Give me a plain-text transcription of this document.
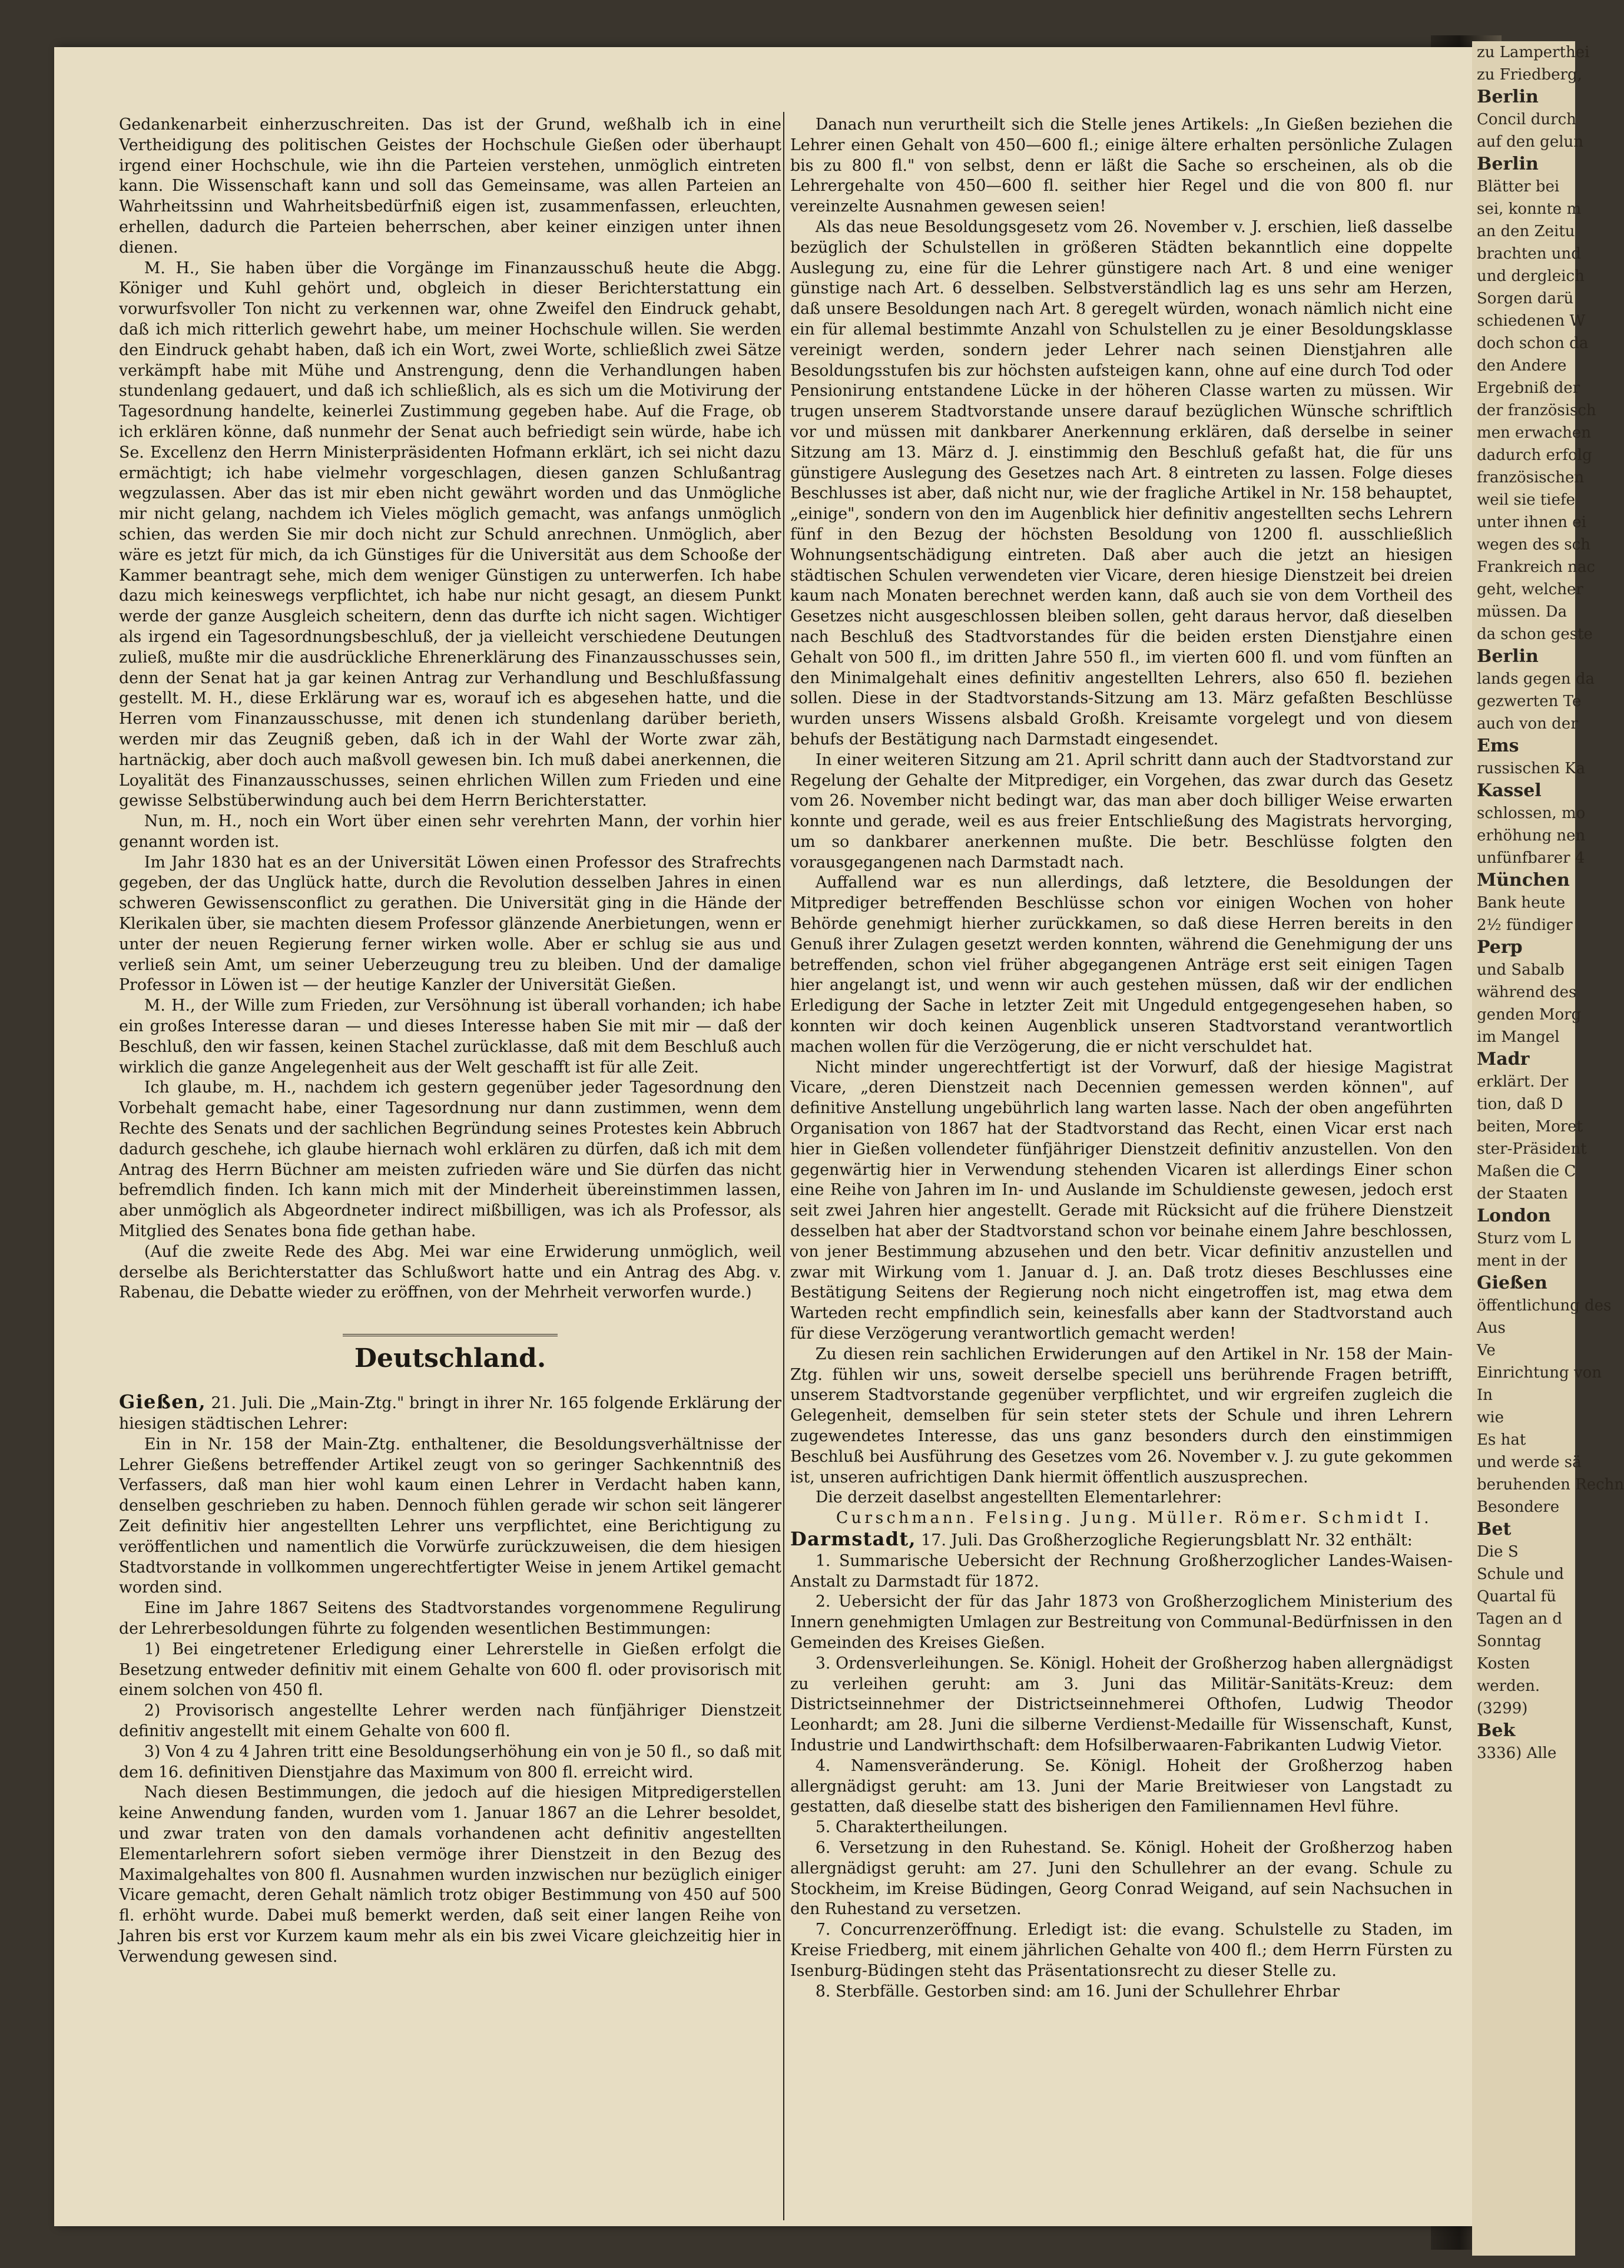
Gedankenarbeit einherzuschreiten. Das ist der Grund, weßhalb ich in eine Vertheidigung des politischen Geistes der Hochschule Gießen oder überhaupt irgend einer Hochschule, wie ihn die Parteien verstehen, unmöglich eintreten kann. Die Wissenschaft kann und soll das Gemeinsame, was allen Parteien an Wahrheitssinn und Wahrheitsbedürfniß eigen ist, zusammenfassen, erleuchten, erhellen, dadurch die Parteien beherrschen, aber keiner einzigen unter ihnen dienen.

M. H., Sie haben über die Vorgänge im Finanzausschuß heute die Abgg. Königer und Kuhl gehört und, obgleich in dieser Berichterstattung ein vorwurfsvoller Ton nicht zu verkennen war, ohne Zweifel den Eindruck gehabt, daß ich mich ritterlich gewehrt habe, um meiner Hochschule willen. Sie werden den Eindruck gehabt haben, daß ich ein Wort, zwei Worte, schließlich zwei Sätze verkämpft habe mit Mühe und Anstrengung, denn die Verhandlungen haben stundenlang gedauert, und daß ich schließlich, als es sich um die Motivirung der Tagesordnung handelte, keinerlei Zustimmung gegeben habe. Auf die Frage, ob ich erklären könne, daß nunmehr der Senat auch befriedigt sein würde, habe ich Se. Excellenz den Herrn Ministerpräsidenten Hofmann erklärt, ich sei nicht dazu ermächtigt; ich habe vielmehr vorgeschlagen, diesen ganzen Schlußantrag wegzulassen. Aber das ist mir eben nicht gewährt worden und das Unmögliche mir nicht gelang, nachdem ich Vieles möglich gemacht, was anfangs unmöglich schien, das werden Sie mir doch nicht zur Schuld anrechnen. Unmöglich, aber wäre es jetzt für mich, da ich Günstiges für die Universität aus dem Schooße der Kammer beantragt sehe, mich dem weniger Günstigen zu unterwerfen. Ich habe dazu mich keineswegs verpflichtet, ich habe nur nicht gesagt, an diesem Punkt werde der ganze Ausgleich scheitern, denn das durfte ich nicht sagen. Wichtiger als irgend ein Tagesordnungsbeschluß, der ja vielleicht verschiedene Deutungen zuließ, mußte mir die ausdrückliche Ehrenerklärung des Finanzausschusses sein, denn der Senat hat ja gar keinen Antrag zur Verhandlung und Beschlußfassung gestellt. M. H., diese Erklärung war es, worauf ich es abgesehen hatte, und die Herren vom Finanzausschusse, mit denen ich stundenlang darüber berieth, werden mir das Zeugniß geben, daß ich in der Wahl der Worte zwar zäh, hartnäckig, aber doch auch maßvoll gewesen bin. Ich muß dabei anerkennen, die Loyalität des Finanzausschusses, seinen ehrlichen Willen zum Frieden und eine gewisse Selbstüberwindung auch bei dem Herrn Berichterstatter.

Nun, m. H., noch ein Wort über einen sehr verehrten Mann, der vorhin hier genannt worden ist.

Im Jahr 1830 hat es an der Universität Löwen einen Professor des Strafrechts gegeben, der das Unglück hatte, durch die Revolution desselben Jahres in einen schweren Gewissensconflict zu gerathen. Die Universität ging in die Hände der Klerikalen über, sie machten diesem Professor glänzende Anerbietungen, wenn er unter der neuen Regierung ferner wirken wolle. Aber er schlug sie aus und verließ sein Amt, um seiner Ueberzeugung treu zu bleiben. Und der damalige Professor in Löwen ist — der heutige Kanzler der Universität Gießen.

M. H., der Wille zum Frieden, zur Versöhnung ist überall vorhanden; ich habe ein großes Interesse daran — und dieses Interesse haben Sie mit mir — daß der Beschluß, den wir fassen, keinen Stachel zurücklasse, daß mit dem Beschluß auch wirklich die ganze Angelegenheit aus der Welt geschafft ist für alle Zeit.

Ich glaube, m. H., nachdem ich gestern gegenüber jeder Tagesordnung den Vorbehalt gemacht habe, einer Tagesordnung nur dann zustimmen, wenn dem Rechte des Senats und der sachlichen Begründung seines Protestes kein Abbruch dadurch geschehe, ich glaube hiernach wohl erklären zu dürfen, daß ich mit dem Antrag des Herrn Büchner am meisten zufrieden wäre und Sie dürfen das nicht befremdlich finden. Ich kann mich mit der Minderheit übereinstimmen lassen, aber unmöglich als Abgeordneter indirect mißbilligen, was ich als Professor, als Mitglied des Senates bona fide gethan habe.

(Auf die zweite Rede des Abg. Mei war eine Erwiderung unmöglich, weil derselbe als Berichterstatter das Schlußwort hatte und ein Antrag des Abg. v. Rabenau, die Debatte wieder zu eröffnen, von der Mehrheit verworfen wurde.)

Deutschland.

Gießen, 21. Juli. Die „Main-Ztg." bringt in ihrer Nr. 165 folgende Erklärung der hiesigen städtischen Lehrer:

Ein in Nr. 158 der Main-Ztg. enthaltener, die Besoldungsverhältnisse der Lehrer Gießens betreffender Artikel zeugt von so geringer Sachkenntniß des Verfassers, daß man hier wohl kaum einen Lehrer in Verdacht haben kann, denselben geschrieben zu haben. Dennoch fühlen gerade wir schon seit längerer Zeit definitiv hier angestellten Lehrer uns verpflichtet, eine Berichtigung zu veröffentlichen und namentlich die Vorwürfe zurückzuweisen, die dem hiesigen Stadtvorstande in vollkommen ungerechtfertigter Weise in jenem Artikel gemacht worden sind.

Eine im Jahre 1867 Seitens des Stadtvorstandes vorgenommene Regulirung der Lehrerbesoldungen führte zu folgenden wesentlichen Bestimmungen:

1) Bei eingetretener Erledigung einer Lehrerstelle in Gießen erfolgt die Besetzung entweder definitiv mit einem Gehalte von 600 fl. oder provisorisch mit einem solchen von 450 fl.

2) Provisorisch angestellte Lehrer werden nach fünfjähriger Dienstzeit definitiv angestellt mit einem Gehalte von 600 fl.

3) Von 4 zu 4 Jahren tritt eine Besoldungserhöhung ein von je 50 fl., so daß mit dem 16. definitiven Dienstjahre das Maximum von 800 fl. erreicht wird.

Nach diesen Bestimmungen, die jedoch auf die hiesigen Mitpredigerstellen keine Anwendung fanden, wurden vom 1. Januar 1867 an die Lehrer besoldet, und zwar traten von den damals vorhandenen acht definitiv angestellten Elementarlehrern sofort sieben vermöge ihrer Dienstzeit in den Bezug des Maximalgehaltes von 800 fl. Ausnahmen wurden inzwischen nur bezüglich einiger Vicare gemacht, deren Gehalt nämlich trotz obiger Bestimmung von 450 auf 500 fl. erhöht wurde. Dabei muß bemerkt werden, daß seit einer langen Reihe von Jahren bis erst vor Kurzem kaum mehr als ein bis zwei Vicare gleichzeitig hier in Verwendung gewesen sind.

Danach nun verurtheilt sich die Stelle jenes Artikels: „In Gießen beziehen die Lehrer einen Gehalt von 450—600 fl.; einige ältere erhalten persönliche Zulagen bis zu 800 fl." von selbst, denn er läßt die Sache so erscheinen, als ob die Lehrergehalte von 450—600 fl. seither hier Regel und die von 800 fl. nur vereinzelte Ausnahmen gewesen seien!

Als das neue Besoldungsgesetz vom 26. November v. J. erschien, ließ dasselbe bezüglich der Schulstellen in größeren Städten bekanntlich eine doppelte Auslegung zu, eine für die Lehrer günstigere nach Art. 8 und eine weniger günstige nach Art. 6 desselben. Selbstverständlich lag es uns sehr am Herzen, daß unsere Besoldungen nach Art. 8 geregelt würden, wonach nämlich nicht eine ein für allemal bestimmte Anzahl von Schulstellen zu je einer Besoldungsklasse vereinigt werden, sondern jeder Lehrer nach seinen Dienstjahren alle Besoldungsstufen bis zur höchsten aufsteigen kann, ohne auf eine durch Tod oder Pensionirung entstandene Lücke in der höheren Classe warten zu müssen. Wir trugen unserem Stadtvorstande unsere darauf bezüglichen Wünsche schriftlich vor und müssen mit dankbarer Anerkennung erklären, daß derselbe in seiner Sitzung am 13. März d. J. einstimmig den Beschluß gefaßt hat, die für uns günstigere Auslegung des Gesetzes nach Art. 8 eintreten zu lassen. Folge dieses Beschlusses ist aber, daß nicht nur, wie der fragliche Artikel in Nr. 158 behauptet, „einige", sondern von den im Augenblick hier definitiv angestellten sechs Lehrern fünf in den Bezug der höchsten Besoldung von 1200 fl. ausschließlich Wohnungsentschädigung eintreten. Daß aber auch die jetzt an hiesigen städtischen Schulen verwendeten vier Vicare, deren hiesige Dienstzeit bei dreien kaum nach Monaten berechnet werden kann, daß auch sie von dem Vortheil des Gesetzes nicht ausgeschlossen bleiben sollen, geht daraus hervor, daß dieselben nach Beschluß des Stadtvorstandes für die beiden ersten Dienstjahre einen Gehalt von 500 fl., im dritten Jahre 550 fl., im vierten 600 fl. und vom fünften an den Minimalgehalt eines definitiv angestellten Lehrers, also 650 fl. beziehen sollen. Diese in der Stadtvorstands-Sitzung am 13. März gefaßten Beschlüsse wurden unsers Wissens alsbald Großh. Kreisamte vorgelegt und von diesem behufs der Bestätigung nach Darmstadt eingesendet.

In einer weiteren Sitzung am 21. April schritt dann auch der Stadtvorstand zur Regelung der Gehalte der Mitprediger, ein Vorgehen, das zwar durch das Gesetz vom 26. November nicht bedingt war, das man aber doch billiger Weise erwarten konnte und gerade, weil es aus freier Entschließung des Magistrats hervorging, um so dankbarer anerkennen mußte. Die betr. Beschlüsse folgten den vorausgegangenen nach Darmstadt nach.

Auffallend war es nun allerdings, daß letztere, die Besoldungen der Mitprediger betreffenden Beschlüsse schon vor einigen Wochen von hoher Behörde genehmigt hierher zurückkamen, so daß diese Herren bereits in den Genuß ihrer Zulagen gesetzt werden konnten, während die Genehmigung der uns betreffenden, schon viel früher abgegangenen Anträge erst seit einigen Tagen hier angelangt ist, und wenn wir auch gestehen müssen, daß wir der endlichen Erledigung der Sache in letzter Zeit mit Ungeduld entgegengesehen haben, so konnten wir doch keinen Augenblick unseren Stadtvorstand verantwortlich machen wollen für die Verzögerung, die er nicht verschuldet hat.

Nicht minder ungerechtfertigt ist der Vorwurf, daß der hiesige Magistrat Vicare, „deren Dienstzeit nach Decennien gemessen werden können", auf definitive Anstellung ungebührlich lang warten lasse. Nach der oben angeführten Organisation von 1867 hat der Stadtvorstand das Recht, einen Vicar erst nach hier in Gießen vollendeter fünfjähriger Dienstzeit definitiv anzustellen. Von den gegenwärtig hier in Verwendung stehenden Vicaren ist allerdings Einer schon eine Reihe von Jahren im In- und Auslande im Schuldienste gewesen, jedoch erst seit zwei Jahren hier angestellt. Gerade mit Rücksicht auf die frühere Dienstzeit desselben hat aber der Stadtvorstand schon vor beinahe einem Jahre beschlossen, von jener Bestimmung abzusehen und den betr. Vicar definitiv anzustellen und zwar mit Wirkung vom 1. Januar d. J. an. Daß trotz dieses Beschlusses eine Bestätigung Seitens der Regierung noch nicht eingetroffen ist, mag etwa dem Warteden recht empfindlich sein, keinesfalls aber kann der Stadtvorstand auch für diese Verzögerung verantwortlich gemacht werden!

Zu diesen rein sachlichen Erwiderungen auf den Artikel in Nr. 158 der Main-Ztg. fühlen wir uns, soweit derselbe speciell uns berührende Fragen betrifft, unserem Stadtvorstande gegenüber verpflichtet, und wir ergreifen zugleich die Gelegenheit, demselben für sein steter stets der Schule und ihren Lehrern zugewendetes Interesse, das uns ganz besonders durch den einstimmigen Beschluß bei Ausführung des Gesetzes vom 26. November v. J. zu gute gekommen ist, unseren aufrichtigen Dank hiermit öffentlich auszusprechen.

Die derzeit daselbst angestellten Elementarlehrer:

Curschmann. Felsing. Jung. Müller. Römer. Schmidt I.

Darmstadt, 17. Juli. Das Großherzogliche Regierungsblatt Nr. 32 enthält:

1. Summarische Uebersicht der Rechnung Großherzoglicher Landes-Waisen-Anstalt zu Darmstadt für 1872.

2. Uebersicht der für das Jahr 1873 von Großherzoglichem Ministerium des Innern genehmigten Umlagen zur Bestreitung von Communal-Bedürfnissen in den Gemeinden des Kreises Gießen.

3. Ordensverleihungen. Se. Königl. Hoheit der Großherzog haben allergnädigst zu verleihen geruht: am 3. Juni das Militär-Sanitäts-Kreuz: dem Districtseinnehmer der Districtseinnehmerei Ofthofen, Ludwig Theodor Leonhardt; am 28. Juni die silberne Verdienst-Medaille für Wissenschaft, Kunst, Industrie und Landwirthschaft: dem Hofsilberwaaren-Fabrikanten Ludwig Vietor.

4. Namensveränderung. Se. Königl. Hoheit der Großherzog haben allergnädigst geruht: am 13. Juni der Marie Breitwieser von Langstadt zu gestatten, daß dieselbe statt des bisherigen den Familiennamen Hevl führe.

5. Charaktertheilungen.

6. Versetzung in den Ruhestand. Se. Königl. Hoheit der Großherzog haben allergnädigst geruht: am 27. Juni den Schullehrer an der evang. Schule zu Stockheim, im Kreise Büdingen, Georg Conrad Weigand, auf sein Nachsuchen in den Ruhestand zu versetzen.

7. Concurrenzeröffnung. Erledigt ist: die evang. Schulstelle zu Staden, im Kreise Friedberg, mit einem jährlichen Gehalte von 400 fl.; dem Herrn Fürsten zu Isenburg-Büdingen steht das Präsentationsrecht zu dieser Stelle zu.

8. Sterbfälle. Gestorben sind: am 16. Juni der Schullehrer Ehrbar

zu Lamperthei
zu Friedberg,
Berlin
Concil durch
auf den gelun
Berlin
Blätter bei
sei, konnte m
an den Zeitu
brachten und
und dergleich
Sorgen darü
schiedenen W
doch schon da
den Andere
Ergebniß der
der französisch
men erwachen
dadurch erfolg
französischen
weil sie tiefe
unter ihnen ei
wegen des sch
Frankreich nac
geht, welcher
müssen. Da
da schon geste
Berlin
lands gegen da
gezwerten Te
auch von der
Ems
russischen Ka
Kassel
schlossen, mo
erhöhung nen
unfünfbarer 4
München
Bank heute
2½ fündiger
Perp
und Sabalb
während des
genden Morg
im Mangel
Madr
erklärt. Der
tion, daß D
beiten, Moret
ster-Präsident
Maßen die C
der Staaten
London
Sturz vom L
ment in der
Gießen
öffentlichung des
Aus
Ve
Einrichtung von
In
wie
Es hat
und werde sä
beruhenden Rechn
Besondere
Bet
Die S
Schule und
Quartal fü
Tagen an d
Sonntag
Kosten
werden.
(3299)
Bek
3336) Alle
